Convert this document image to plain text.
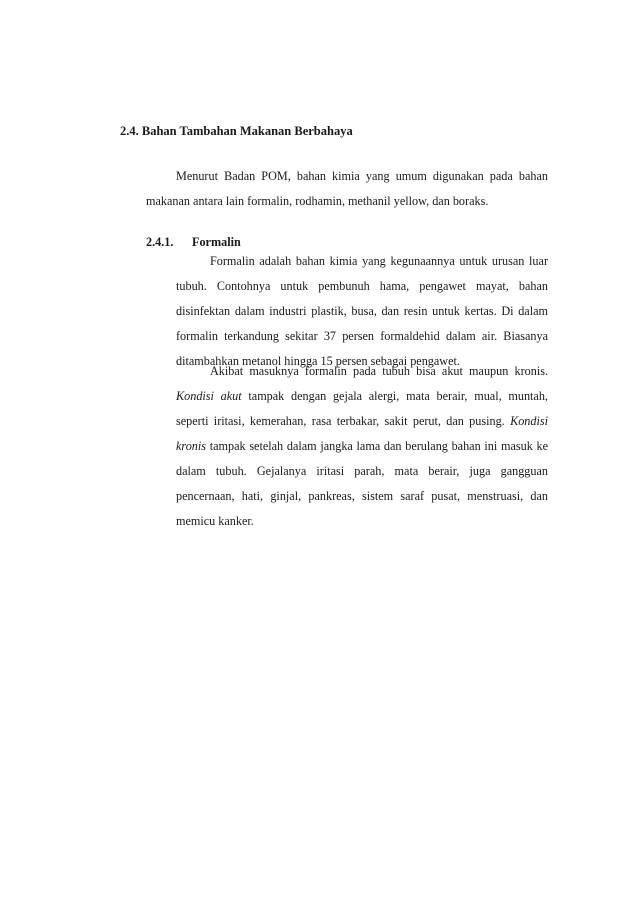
2.4. Bahan Tambahan Makanan Berbahaya

Menurut Badan POM, bahan kimia yang umum digunakan pada bahan makanan antara lain formalin, rodhamin, methanil yellow, dan boraks.

2.4.1. Formalin

Formalin adalah bahan kimia yang kegunaannya untuk urusan luar tubuh. Contohnya untuk pembunuh hama, pengawet mayat, bahan disinfektan dalam industri plastik, busa, dan resin untuk kertas. Di dalam formalin terkandung sekitar 37 persen formaldehid dalam air. Biasanya ditambahkan metanol hingga 15 persen sebagai pengawet.

Akibat masuknya formalin pada tubuh bisa akut maupun kronis. Kondisi akut tampak dengan gejala alergi, mata berair, mual, muntah, seperti iritasi, kemerahan, rasa terbakar, sakit perut, dan pusing. Kondisi kronis tampak setelah dalam jangka lama dan berulang bahan ini masuk ke dalam tubuh. Gejalanya iritasi parah, mata berair, juga gangguan pencernaan, hati, ginjal, pankreas, sistem saraf pusat, menstruasi, dan memicu kanker.
